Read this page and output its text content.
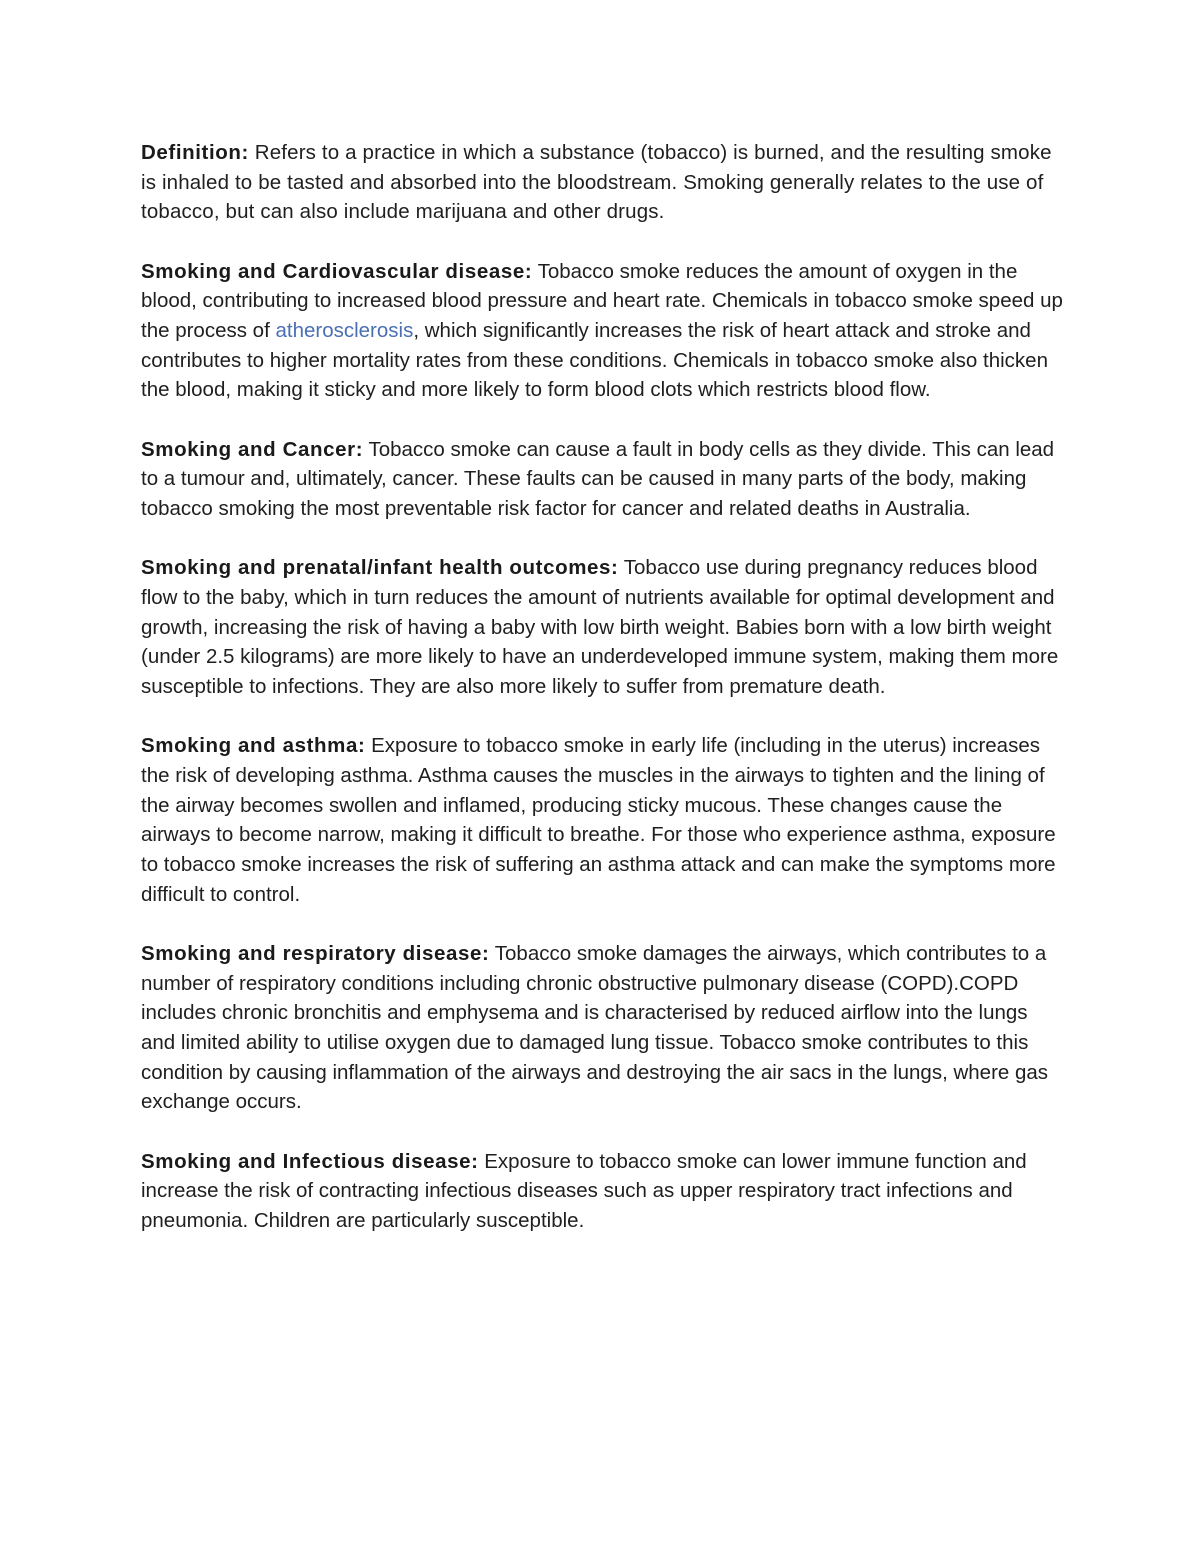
Definition: Refers to a practice in which a substance (tobacco) is burned, and the resulting smoke is inhaled to be tasted and absorbed into the bloodstream. Smoking generally relates to the use of tobacco, but can also include marijuana and other drugs.

Smoking and Cardiovascular disease: Tobacco smoke reduces the amount of oxygen in the blood, contributing to increased blood pressure and heart rate. Chemicals in tobacco smoke speed up the process of atherosclerosis, which significantly increases the risk of heart attack and stroke and contributes to higher mortality rates from these conditions. Chemicals in tobacco smoke also thicken the blood, making it sticky and more likely to form blood clots which restricts blood flow.

Smoking and Cancer: Tobacco smoke can cause a fault in body cells as they divide. This can lead to a tumour and, ultimately, cancer. These faults can be caused in many parts of the body, making tobacco smoking the most preventable risk factor for cancer and related deaths in Australia.

Smoking and prenatal/infant health outcomes: Tobacco use during pregnancy reduces blood flow to the baby, which in turn reduces the amount of nutrients available for optimal development and growth, increasing the risk of having a baby with low birth weight. Babies born with a low birth weight (under 2.5 kilograms) are more likely to have an underdeveloped immune system, making them more susceptible to infections. They are also more likely to suffer from premature death.

Smoking and asthma: Exposure to tobacco smoke in early life (including in the uterus) increases the risk of developing asthma. Asthma causes the muscles in the airways to tighten and the lining of the airway becomes swollen and inflamed, producing sticky mucous. These changes cause the airways to become narrow, making it difficult to breathe. For those who experience asthma, exposure to tobacco smoke increases the risk of suffering an asthma attack and can make the symptoms more difficult to control.

Smoking and respiratory disease: Tobacco smoke damages the airways, which contributes to a number of respiratory conditions including chronic obstructive pulmonary disease (COPD).COPD includes chronic bronchitis and emphysema and is characterised by reduced airflow into the lungs and limited ability to utilise oxygen due to damaged lung tissue. Tobacco smoke contributes to this condition by causing inflammation of the airways and destroying the air sacs in the lungs, where gas exchange occurs.

Smoking and Infectious disease: Exposure to tobacco smoke can lower immune function and increase the risk of contracting infectious diseases such as upper respiratory tract infections and pneumonia. Children are particularly susceptible.
